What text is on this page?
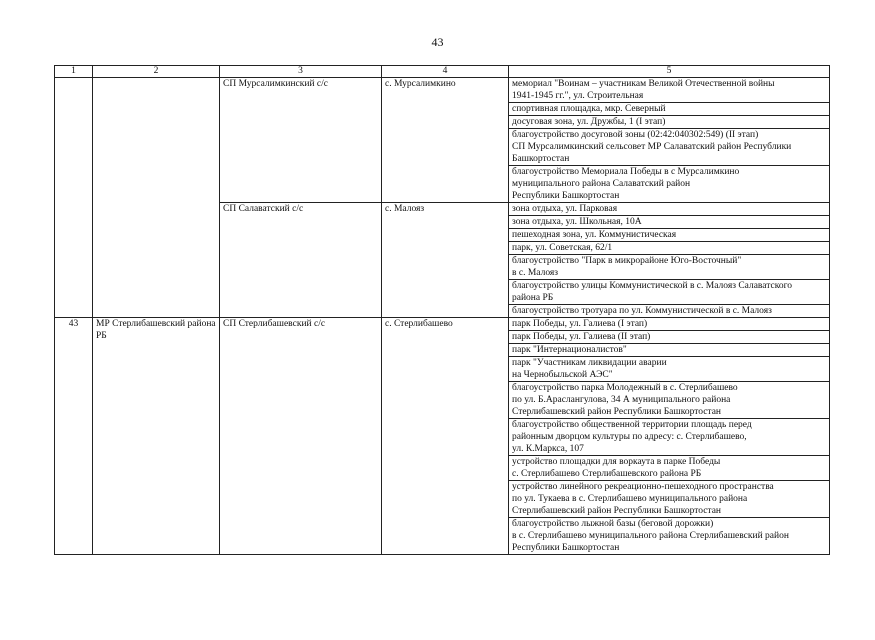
43
1	2	3	4	5
		СП Мурсалимкинский с/с	с. Мурсалимкино	мемориал "Воинам – участникам Великой Отечественной войны
1941-1945 гг.", ул. Строительная

				спортивная площадка, мкр. Северный

				досуговая зона, ул. Дружбы, 1 (I этап)

				благоустройство досуговой зоны (02:42:040302:549) (II этап)
СП Мурсалимкинский сельсовет МР Салаватский район Республики
Башкортостан

				благоустройство Мемориала Победы в с Мурсалимкино
муниципального района Салаватский район
Республики Башкортостан

		СП Салаватский с/с	с. Малояз	зона отдыха, ул. Парковая

				зона отдыха, ул. Школьная, 10А

				пешеходная зона, ул. Коммунистическая

				парк, ул. Советская, 62/1

				благоустройство "Парк в микрорайоне Юго-Восточный"
в с. Малояз

				благоустройство улицы Коммунистической в с. Малояз Салаватского
района РБ

				благоустройство тротуара по ул. Коммунистической в с. Малояз

43	МР Стерлибашевский района РБ	СП Стерлибашевский с/с	с. Стерлибашево	парк Победы, ул. Галиева (I этап)

				парк Победы, ул. Галиева (II этап)

				парк "Интернационалистов"

				парк "Участникам ликвидации аварии
на Чернобыльской АЭС"

				благоустройство парка Молодежный в с. Стерлибашево
по ул. Б.Араслангулова, 34 А муниципального района
Стерлибашевский район Республики Башкортостан

				благоустройство общественной территории площадь перед
районным дворцом культуры по адресу: с. Стерлибашево,
ул. К.Маркса, 107

				устройство площадки для воркаута в парке Победы
с. Стерлибашево Стерлибашевского района РБ

				устройство линейного рекреационно-пешеходного пространства
по ул. Тукаева в с. Стерлибашево муниципального района
Стерлибашевский район Республики Башкортостан

				благоустройство лыжной базы (беговой дорожки)
в с. Стерлибашево муниципального района Стерлибашевский район
Республики Башкортостан
